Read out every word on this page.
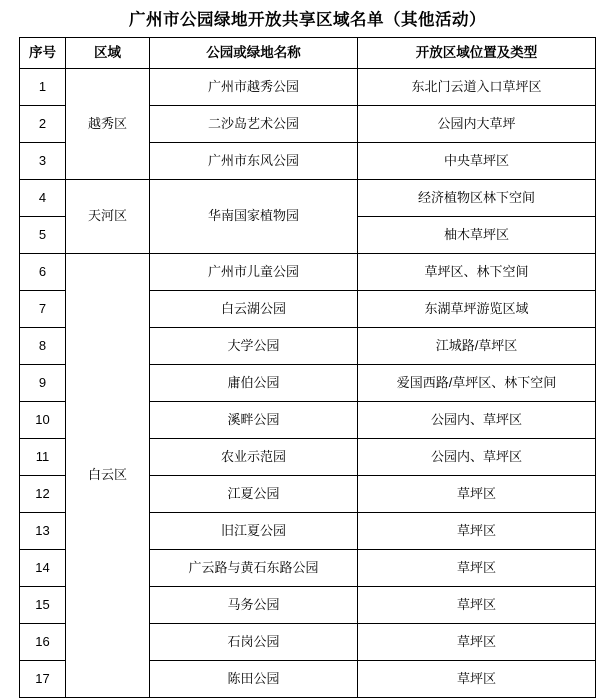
广州市公园绿地开放共享区域名单（其他活动）
序号	区域	公园或绿地名称	开放区域位置及类型
1	越秀区	广州市越秀公园	东北门云道入口草坪区
2		二沙岛艺术公园	公园内大草坪
3		广州市东风公园	中央草坪区
4	天河区	华南国家植物园	经济植物区林下空间
5			柚木草坪区
6	白云区	广州市儿童公园	草坪区、林下空间
7		白云湖公园	东湖草坪游览区域
8		大学公园	江城路/草坪区
9		庸伯公园	爱国西路/草坪区、林下空间
10		溪畔公园	公园内、草坪区
11		农业示范园	公园内、草坪区
12		江夏公园	草坪区
13		旧江夏公园	草坪区
14		广云路与黄石东路公园	草坪区
15		马务公园	草坪区
16		石岗公园	草坪区
17		陈田公园	草坪区
